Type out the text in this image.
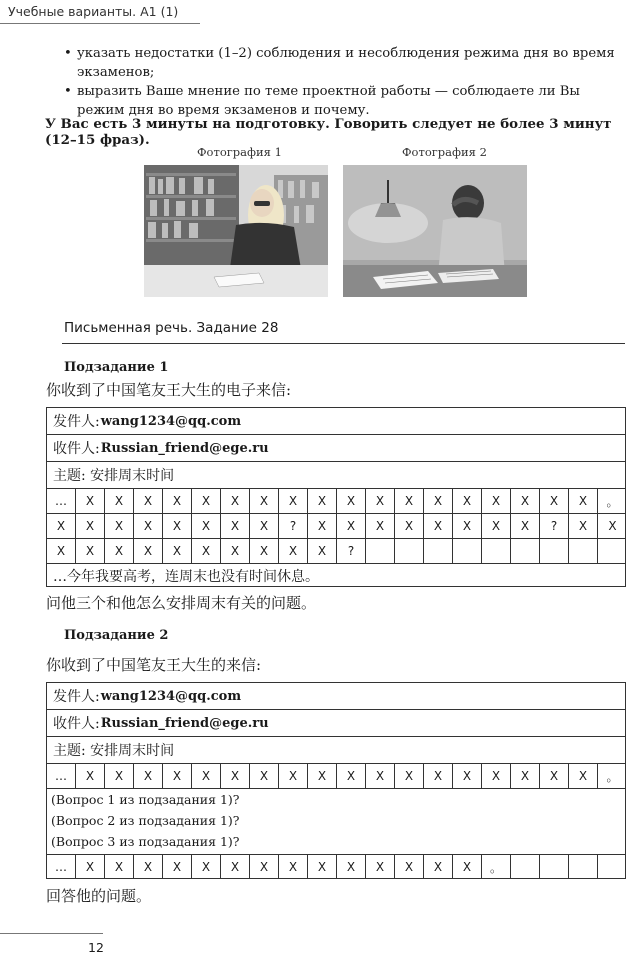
Учебные варианты. А1 (1)
• указать недостатки (1–2) соблюдения и несоблюдения режима дня во время экзаменов;
• выразить Ваше мнение по теме проектной работы — соблюдаете ли Вы режим дня во время экзаменов и почему.
У Вас есть 3 минуты на подготовку. Говорить следует не более 3 минут (12–15 фраз).
Фотография 1	Фотография 2
Письменная речь. Задание 28
Подзадание 1
你收到了中国笔友王大生的电子来信:
发件人: wang1234@qq.com
收件人: Russian_friend@ege.ru
主题: 安排周末时间
…	X	X	X	X	X	X	X	X	X	X	X	X	X	X	X	X	X	X	。
X	X	X	X	X	X	X	X	?	X	X	X	X	X	X	X	X	?	X	X
X	X	X	X	X	X	X	X	X	X	?
…今年我要高考，连周末也没有时间休息。
问他三个和他怎么安排周末有关的问题。
Подзадание 2
你收到了中国笔友王大生的来信:
发件人: wang1234@qq.com
收件人: Russian_friend@ege.ru
主题: 安排周末时间
…	X	X	X	X	X	X	X	X	X	X	X	X	X	X	X	X	X	X	。
(Вопрос 1 из подзадания 1)?
(Вопрос 2 из подзадания 1)?
(Вопрос 3 из подзадания 1)?
…	X	X	X	X	X	X	X	X	X	X	X	X	X	X	。
回答他的问题。
12
